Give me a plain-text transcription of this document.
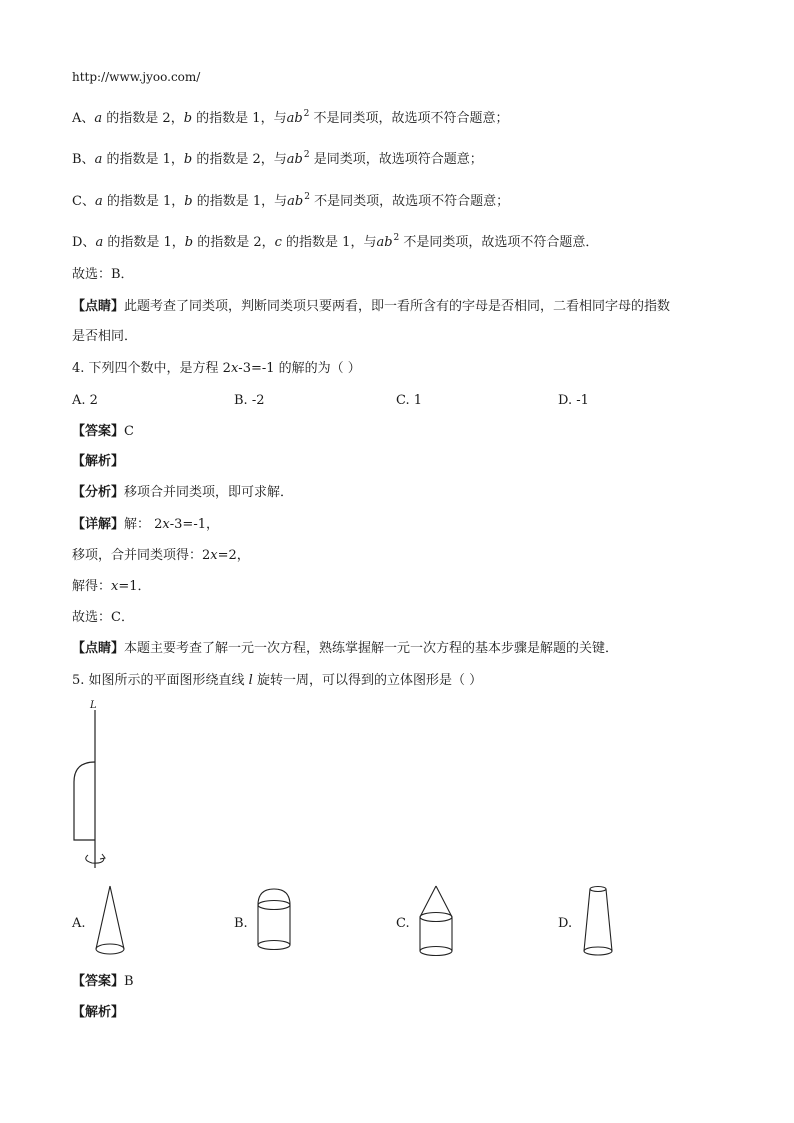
http://www.jyoo.com/
A、a 的指数是 2，b 的指数是 1，与$ab^2$ 不是同类项，故选项不符合题意；
B、a 的指数是 1，b 的指数是 2，与$ab^2$ 是同类项，故选项符合题意；
C、a 的指数是 1，b 的指数是 1，与$ab^2$ 不是同类项，故选项不符合题意；
D、a 的指数是 1，b 的指数是 2，c 的指数是 1，与$ab^2$ 不是同类项，故选项不符合题意．
故选：B．
【点睛】此题考查了同类项，判断同类项只要两看，即一看所含有的字母是否相同，二看相同字母的指数
是否相同．
4. 下列四个数中，是方程 2x-3=-1 的解的为（ ）
A. 2	B. -2	C. 1	D. -1
【答案】C
【解析】
【分析】移项合并同类项，即可求解．
【详解】解： 2x-3=-1，
移项，合并同类项得：2x=2，
解得：x=1．
故选：C．
【点睛】本题主要考查了解一元一次方程，熟练掌握解一元一次方程的基本步骤是解题的关键．
5. 如图所示的平面图形绕直线 l 旋转一周，可以得到的立体图形是（ ）
L
A.	B.	C.	D.
【答案】B
【解析】
